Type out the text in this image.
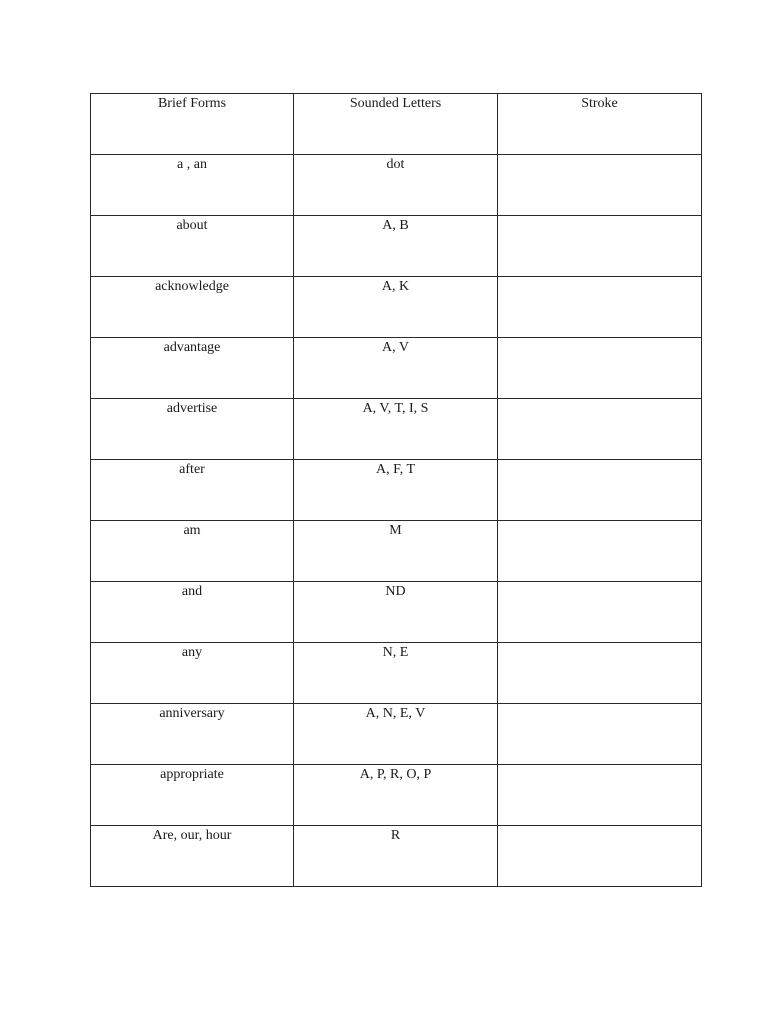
Brief Forms	Sounded Letters	Stroke

a , an	dot	

about	A, B	

acknowledge	A, K	

advantage	A, V	

advertise	A, V, T, I, S	

after	A, F, T	

am	M	

and	ND	

any	N, E	

anniversary	A, N, E, V	

appropriate	A, P, R, O, P	

Are, our, hour	R	
